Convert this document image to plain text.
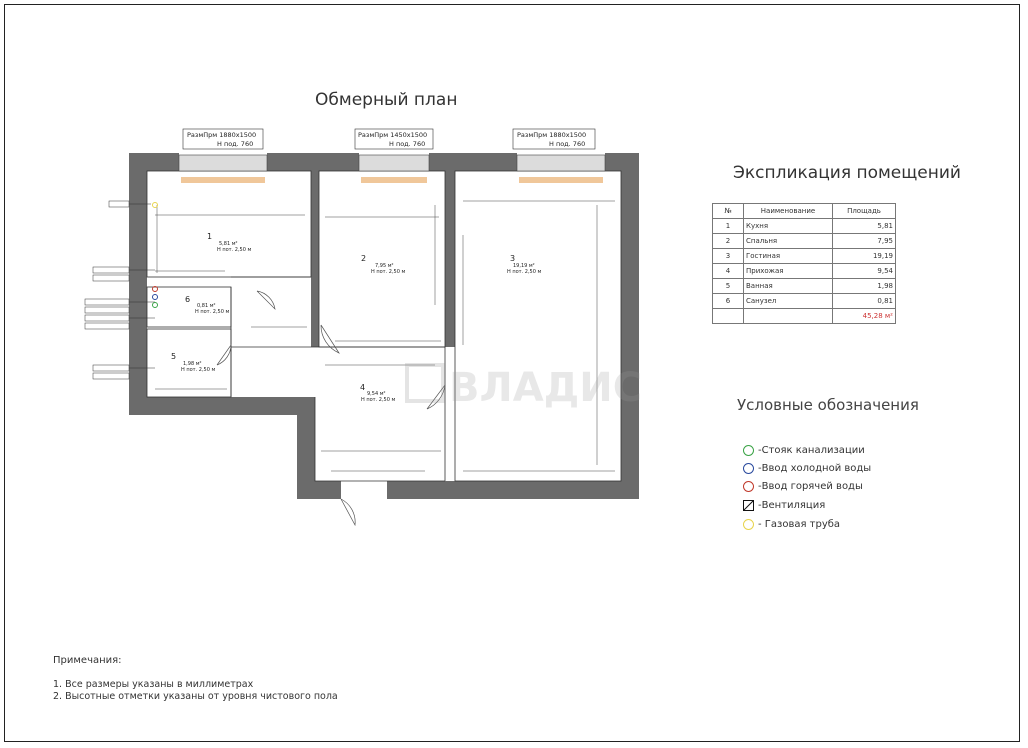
РазмПрм 1880x1500
Н под. 760
РазмПрм 1450x1500
Н под. 760
РазмПрм 1880x1500
Н под. 760
1
2	3
4
5
6
5,81 м²
Н пот. 2,50 м
7,95 м²
Н пот. 2,50 м
19,19 м²
Н пот. 2,50 м
9,54 м²
Н пот. 2,50 м
1,98 м²
Н пот. 2,50 м
0,81 м²
Н пот. 2,50 м
ВЛАДИС
Обмерный план
Экспликация помещений
№	Наименование	Площадь
1	Кухня	5,81
2	Спальня	7,95
3	Гостиная	19,19
4	Прихожая	9,54
5	Ванная	1,98
6	Санузел	0,81
		45,28 м²
Условные обозначения
-Стояк канализации
-Ввод холодной воды
-Ввод горячей воды
-Вентиляция
- Газовая труба
Примечания:
1. Все размеры указаны в миллиметрах
2. Высотные отметки указаны от уровня чистового пола
